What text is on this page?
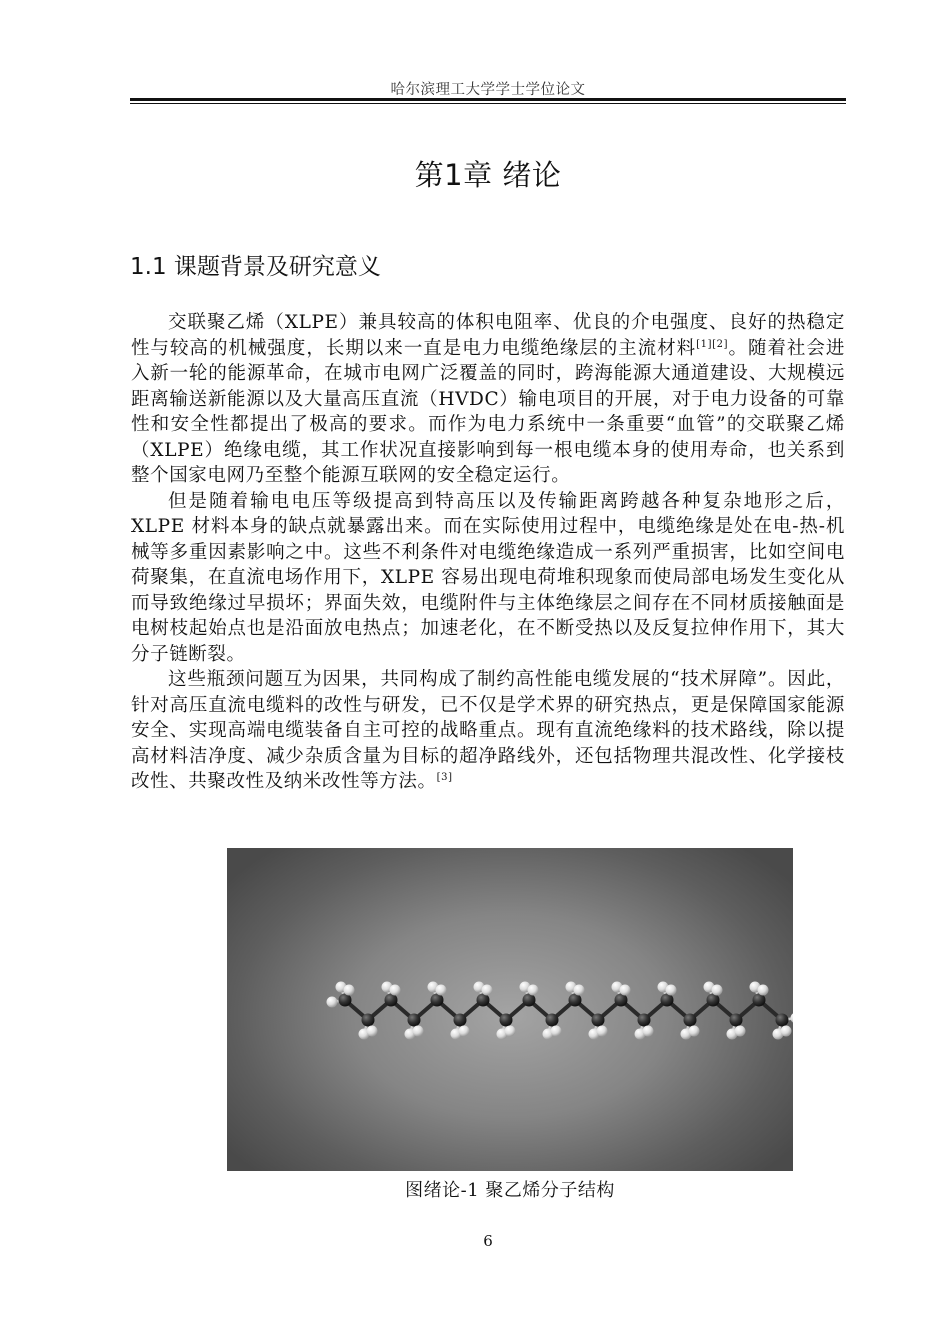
哈尔滨理工大学学士学位论文
第1章 绪论
1.1 课题背景及研究意义

交联聚乙烯（XLPE）兼具较高的体积电阻率、优良的介电强度、良好的热稳定性与较高的机械强度，长期以来一直是电力电缆绝缘层的主流材料[1][2]。随着社会进入新一轮的能源革命，在城市电网广泛覆盖的同时，跨海能源大通道建设、大规模远距离输送新能源以及大量高压直流（HVDC）输电项目的开展，对于电力设备的可靠性和安全性都提出了极高的要求。而作为电力系统中一条重要“血管”的交联聚乙烯（XLPE）绝缘电缆，其工作状况直接影响到每一根电缆本身的使用寿命，也关系到整个国家电网乃至整个能源互联网的安全稳定运行。

但是随着输电电压等级提高到特高压以及传输距离跨越各种复杂地形之后，XLPE 材料本身的缺点就暴露出来。而在实际使用过程中，电缆绝缘是处在电-热-机械等多重因素影响之中。这些不利条件对电缆绝缘造成一系列严重损害，比如空间电荷聚集，在直流电场作用下，XLPE 容易出现电荷堆积现象而使局部电场发生变化从而导致绝缘过早损坏；界面失效，电缆附件与主体绝缘层之间存在不同材质接触面是电树枝起始点也是沿面放电热点；加速老化，在不断受热以及反复拉伸作用下，其大分子链断裂。

这些瓶颈问题互为因果，共同构成了制约高性能电缆发展的“技术屏障”。因此，针对高压直流电缆料的改性与研发，已不仅是学术界的研究热点，更是保障国家能源安全、实现高端电缆装备自主可控的战略重点。现有直流绝缘料的技术路线，除以提高材料洁净度、减少杂质含量为目标的超净路线外，还包括物理共混改性、化学接枝改性、共聚改性及纳米改性等方法。[3]

图绪论-1 聚乙烯分子结构
6
